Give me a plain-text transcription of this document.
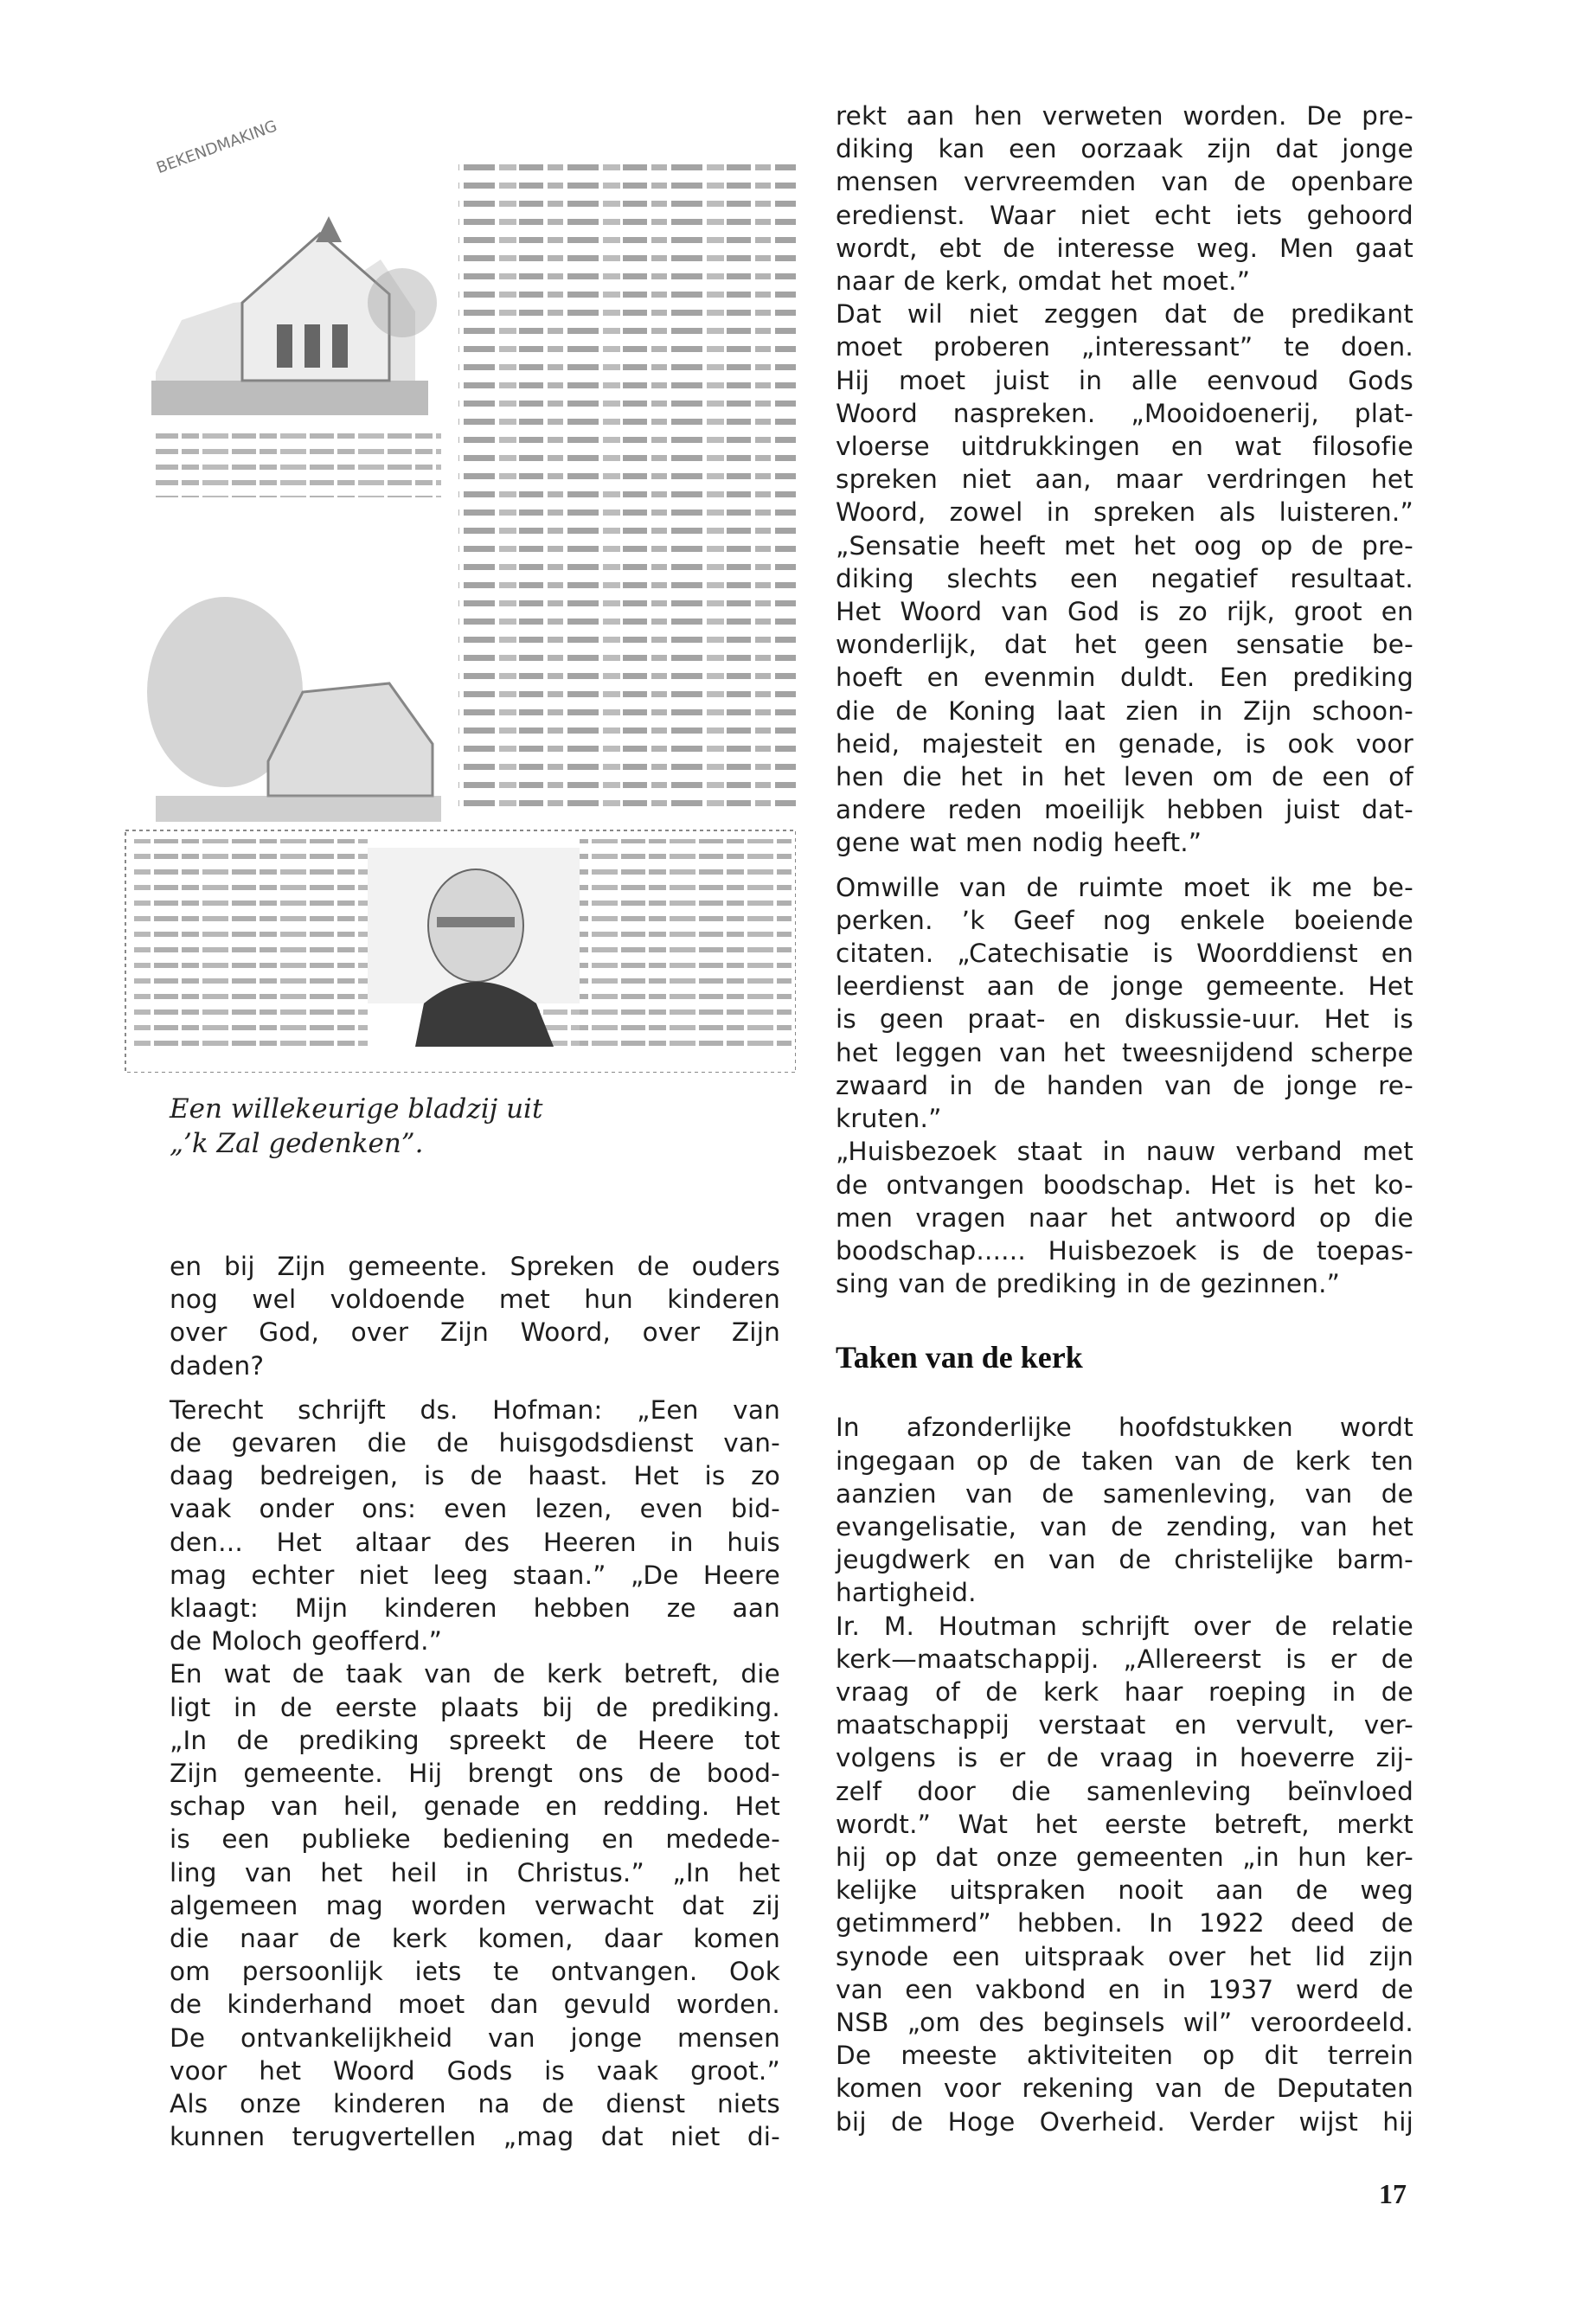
BEKENDMAKING
Een willekeurige bladzij uit
„’k Zal gedenken”.

en bij Zijn gemeente. Spreken de ouders

nog wel voldoende met hun kinderen

over God, over Zijn Woord, over Zijn

daden?

Terecht schrijft ds. Hofman: „Een van

de gevaren die de huisgodsdienst van-

daag bedreigen, is de haast. Het is zo

vaak onder ons: even lezen, even bid-

den... Het altaar des Heeren in huis

mag echter niet leeg staan.” „De Heere

klaagt: Mijn kinderen hebben ze aan

de Moloch geofferd.”

En wat de taak van de kerk betreft, die

ligt in de eerste plaats bij de prediking.

„In de prediking spreekt de Heere tot

Zijn gemeente. Hij brengt ons de bood-

schap van heil, genade en redding. Het

is een publieke bediening en medede-

ling van het heil in Christus.” „In het

algemeen mag worden verwacht dat zij

die naar de kerk komen, daar komen

om persoonlijk iets te ontvangen. Ook

de kinderhand moet dan gevuld worden.

De ontvankelijkheid van jonge mensen

voor het Woord Gods is vaak groot.”

Als onze kinderen na de dienst niets

kunnen terugvertellen „mag dat niet di-

rekt aan hen verweten worden. De pre-

diking kan een oorzaak zijn dat jonge

mensen vervreemden van de openbare

eredienst. Waar niet echt iets gehoord

wordt, ebt de interesse weg. Men gaat

naar de kerk, omdat het moet.”

Dat wil niet zeggen dat de predikant

moet proberen „interessant” te doen.

Hij moet juist in alle eenvoud Gods

Woord naspreken. „Mooidoenerij, plat-

vloerse uitdrukkingen en wat filosofie

spreken niet aan, maar verdringen het

Woord, zowel in spreken als luisteren.”

„Sensatie heeft met het oog op de pre-

diking slechts een negatief resultaat.

Het Woord van God is zo rijk, groot en

wonderlijk, dat het geen sensatie be-

hoeft en evenmin duldt. Een prediking

die de Koning laat zien in Zijn schoon-

heid, majesteit en genade, is ook voor

hen die het in het leven om de een of

andere reden moeilijk hebben juist dat-

gene wat men nodig heeft.”

Omwille van de ruimte moet ik me be-

perken. ’k Geef nog enkele boeiende

citaten. „Catechisatie is Woorddienst en

leerdienst aan de jonge gemeente. Het

is geen praat- en diskussie-uur. Het is

het leggen van het tweesnijdend scherpe

zwaard in de handen van de jonge re-

kruten.”

„Huisbezoek staat in nauw verband met

de ontvangen boodschap. Het is het ko-

men vragen naar het antwoord op die

boodschap...... Huisbezoek is de toepas-

sing van de prediking in de gezinnen.”

Taken van de kerk

In afzonderlijke hoofdstukken wordt

ingegaan op de taken van de kerk ten

aanzien van de samenleving, van de

evangelisatie, van de zending, van het

jeugdwerk en van de christelijke barm-

hartigheid.

Ir. M. Houtman schrijft over de relatie

kerk—maatschappij. „Allereerst is er de

vraag of de kerk haar roeping in de

maatschappij verstaat en vervult, ver-

volgens is er de vraag in hoeverre zij-

zelf door die samenleving beïnvloed

wordt.” Wat het eerste betreft, merkt

hij op dat onze gemeenten „in hun ker-

kelijke uitspraken nooit aan de weg

getimmerd” hebben. In 1922 deed de

synode een uitspraak over het lid zijn

van een vakbond en in 1937 werd de

NSB „om des beginsels wil” veroordeeld.

De meeste aktiviteiten op dit terrein

komen voor rekening van de Deputaten

bij de Hoge Overheid. Verder wijst hij

17
